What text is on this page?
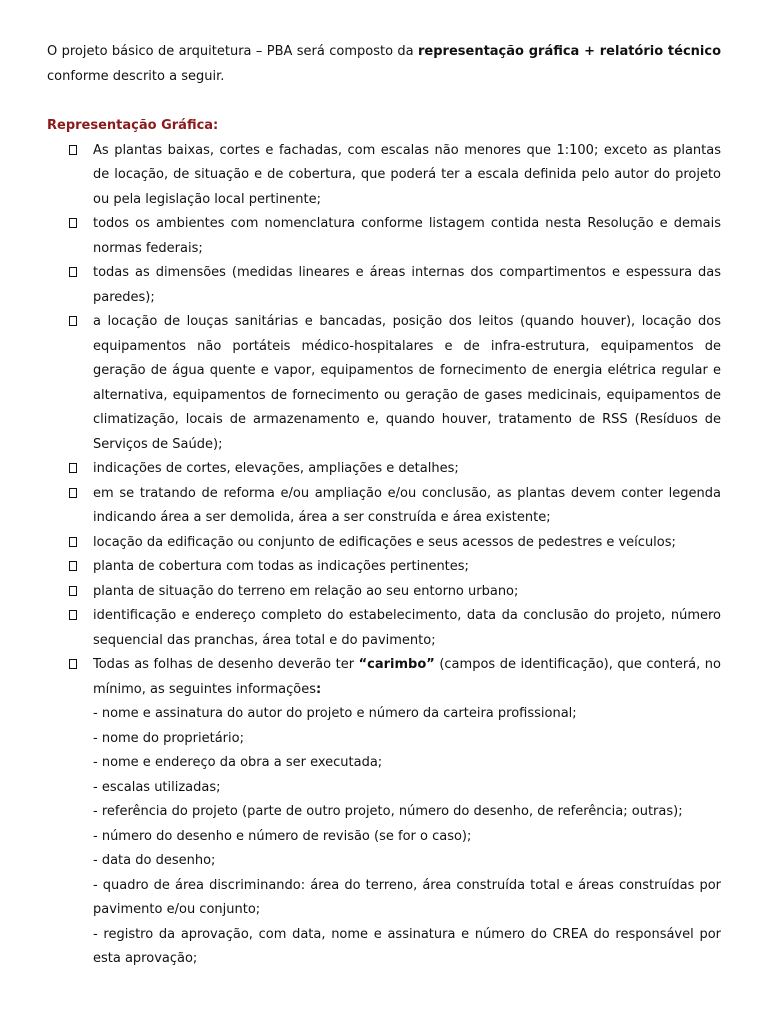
O projeto básico de arquitetura – PBA será composto da representação gráfica + relatório técnico conforme descrito a seguir.

Representação Gráfica:

As plantas baixas, cortes e fachadas, com escalas não menores que 1:100; exceto as plantas de locação, de situação e de cobertura, que poderá ter a escala definida pelo autor do projeto ou pela legislação local pertinente;
todos os ambientes com nomenclatura conforme listagem contida nesta Resolução e demais normas federais;
todas as dimensões (medidas lineares e áreas internas dos compartimentos e espessura das paredes);
a locação de louças sanitárias e bancadas, posição dos leitos (quando houver), locação dos equipamentos não portáteis médico-hospitalares e de infra-estrutura, equipamentos de geração de água quente e vapor, equipamentos de fornecimento de energia elétrica regular e alternativa, equipamentos de fornecimento ou geração de gases medicinais, equipamentos de climatização, locais de armazenamento e, quando houver, tratamento de RSS (Resíduos de Serviços de Saúde);
indicações de cortes, elevações, ampliações e detalhes;
em se tratando de reforma e/ou ampliação e/ou conclusão, as plantas devem conter legenda indicando área a ser demolida, área a ser construída e área existente;
locação da edificação ou conjunto de edificações e seus acessos de pedestres e veículos;
planta de cobertura com todas as indicações pertinentes;
planta de situação do terreno em relação ao seu entorno urbano;
identificação e endereço completo do estabelecimento, data da conclusão do projeto, número sequencial das pranchas, área total e do pavimento;
Todas as folhas de desenho deverão ter “carimbo” (campos de identificação), que conterá, no mínimo, as seguintes informações:
- nome e assinatura do autor do projeto e número da carteira profissional;
- nome do proprietário;
- nome e endereço da obra a ser executada;
- escalas utilizadas;
- referência do projeto (parte de outro projeto, número do desenho, de referência; outras);
- número do desenho e número de revisão (se for o caso);
- data do desenho;
- quadro de área discriminando: área do terreno, área construída total e áreas construídas por pavimento e/ou conjunto;
- registro da aprovação, com data, nome e assinatura e número do CREA do responsável por esta aprovação;
